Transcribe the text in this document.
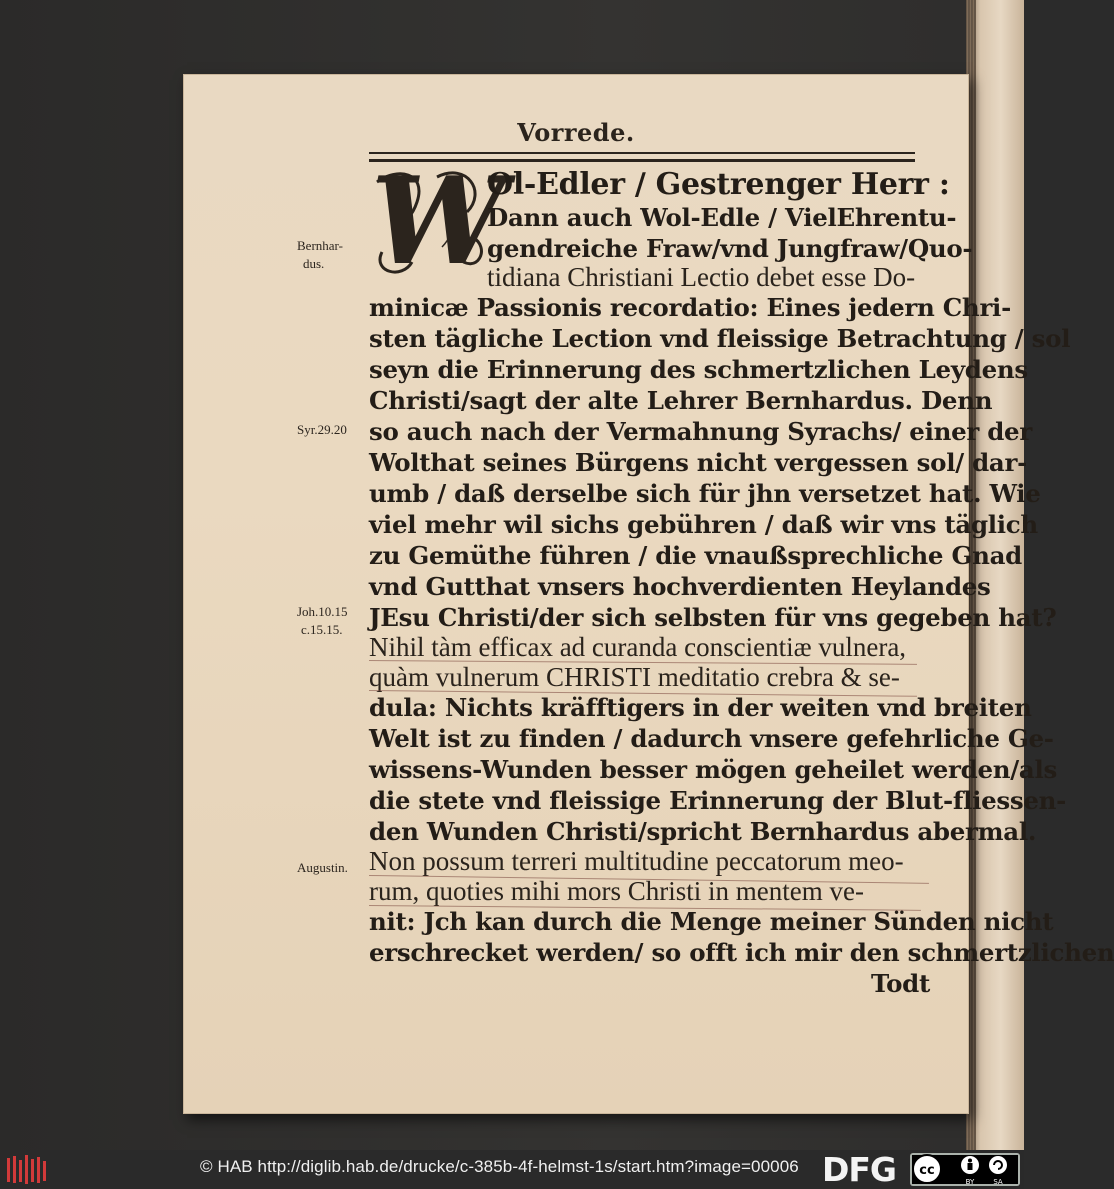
Vorrede.
W
Ol-Edler / Gestrenger Herr :
Dann auch Wol-Edle / VielEhrentu-
gendreiche Fraw/vnd Jungfraw/Quo-
tidiana Christiani Lectio debet esse Do-
minicæ Passionis recordatio: Eines jedern Chri-
sten tägliche Lection vnd fleissige Betrachtung / sol
seyn die Erinnerung des schmertzlichen Leydens
Christi/sagt der alte Lehrer Bernhardus. Denn
so auch nach der Vermahnung Syrachs/ einer der
Wolthat seines Bürgens nicht vergessen sol/ dar-
umb / daß derselbe sich für jhn versetzet hat. Wie
viel mehr wil sichs gebühren / daß wir vns täglich
zu Gemüthe führen / die vnaußsprechliche Gnad
vnd Gutthat vnsers hochverdienten Heylandes
JEsu Christi/der sich selbsten für vns gegeben hat?
Nihil tàm efficax ad curanda conscientiæ vulnera,
quàm vulnerum CHRISTI meditatio crebra & se-
dula: Nichts kräfftigers in der weiten vnd breiten
Welt ist zu finden / dadurch vnsere gefehrliche Ge-
wissens-Wunden besser mögen geheilet werden/als
die stete vnd fleissige Erinnerung der Blut-fliessen-
den Wunden Christi/spricht Bernhardus abermal.
Non possum terreri multitudine peccatorum meo-
rum, quoties mihi mors Christi in mentem ve-
nit: Jch kan durch die Menge meiner Sünden nicht
erschrecket werden/ so offt ich mir den schmertzlichen
Todt
Bernhar-
dus.
Syr.29.20
Joh.10.15
c.15.15.
Augustin.
© HAB http://diglib.hab.de/drucke/c-385b-4f-helmst-1s/start.htm?image=00006 DFG cc
BY	SA
